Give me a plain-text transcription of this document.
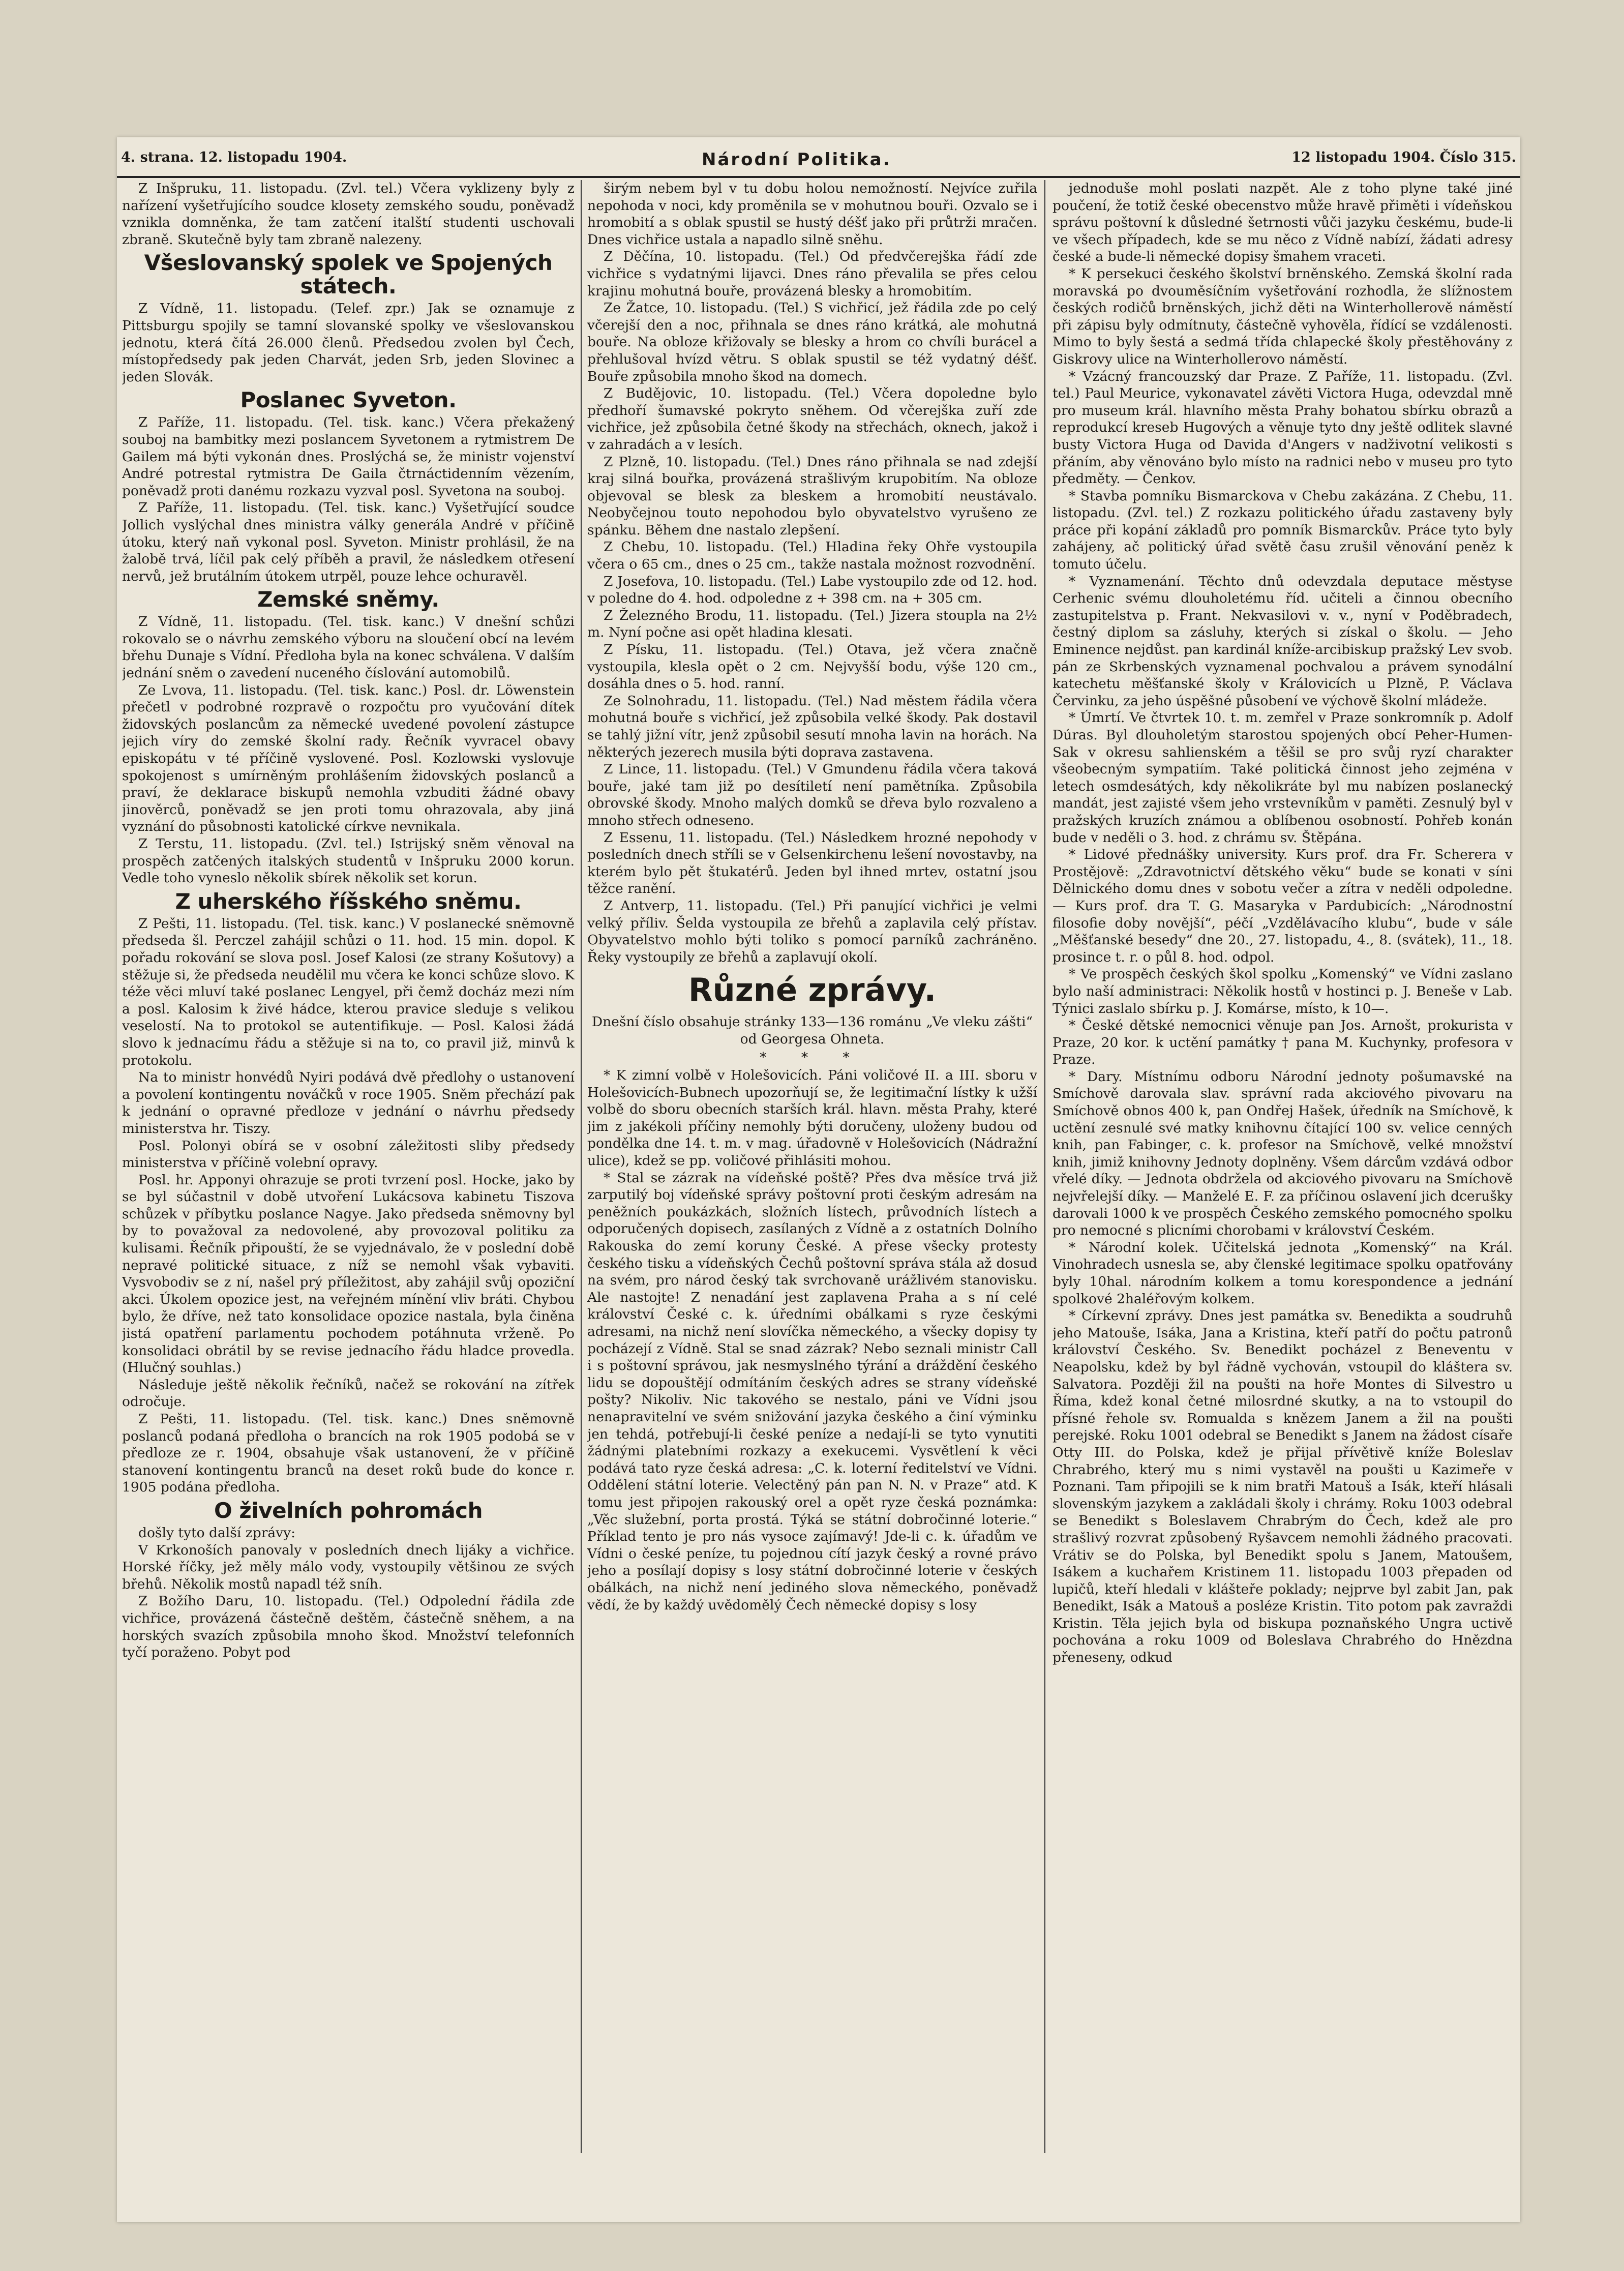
4. strana. 12. listopadu 1904.	Národní Politika.	12 listopadu 1904. Číslo 315.

Z Inšpruku, 11. listopadu. (Zvl. tel.) Včera vyklizeny byly z nařízení vyšetřujícího soudce klosety zemského soudu, poněvadž vznikla domněnka, že tam zatčení italští studenti uschovali zbraně. Skutečně byly tam zbraně nalezeny.

Všeslovanský spolek ve Spojených státech.

Z Vídně, 11. listopadu. (Telef. zpr.) Jak se oznamuje z Pittsburgu spojily se tamní slovanské spolky ve všeslovanskou jednotu, která čítá 26.000 členů. Předsedou zvolen byl Čech, místopředsedy pak jeden Charvát, jeden Srb, jeden Slovinec a jeden Slovák.

Poslanec Syveton.

Z Paříže, 11. listopadu. (Tel. tisk. kanc.) Včera překažený souboj na bambitky mezi poslancem Syvetonem a rytmistrem De Gailem má býti vykonán dnes. Proslýchá se, že ministr vojenství André potrestal rytmistra De Gaila čtrnáctidenním vězením, poněvadž proti danému rozkazu vyzval posl. Syvetona na souboj.

Z Paříže, 11. listopadu. (Tel. tisk. kanc.) Vyšetřující soudce Jollich vyslýchal dnes ministra války generála André v příčině útoku, který naň vykonal posl. Syveton. Ministr prohlásil, že na žalobě trvá, líčil pak celý příběh a pravil, že následkem otřesení nervů, jež brutálním útokem utrpěl, pouze lehce ochuravěl.

Zemské sněmy.

Z Vídně, 11. listopadu. (Tel. tisk. kanc.) V dnešní schůzi rokovalo se o návrhu zemského výboru na sloučení obcí na levém břehu Dunaje s Vídní. Předloha byla na konec schválena. V dalším jednání sněm o zavedení nuceného číslování automobilů.

Ze Lvova, 11. listopadu. (Tel. tisk. kanc.) Posl. dr. Löwenstein přečetl v podrobné rozpravě o rozpočtu pro vyučování dítek židovských poslancům za německé uvedené povolení zástupce jejich víry do zemské školní rady. Řečník vyvracel obavy episkopátu v té příčině vyslovené. Posl. Kozlowski vyslovuje spokojenost s umírněným prohlášením židovských poslanců a praví, že deklarace biskupů nemohla vzbuditi žádné obavy jinověrců, poněvadž se jen proti tomu ohrazovala, aby jiná vyznání do působnosti katolické církve nevnikala.

Z Terstu, 11. listopadu. (Zvl. tel.) Istrijský sněm věnoval na prospěch zatčených italských studentů v Inšpruku 2000 korun. Vedle toho vyneslo několik sbírek několik set korun.

Z uherského říšského sněmu.

Z Pešti, 11. listopadu. (Tel. tisk. kanc.) V poslanecké sněmovně předseda šl. Perczel zahájil schůzi o 11. hod. 15 min. dopol. K pořadu rokování se slova posl. Josef Kalosi (ze strany Košutovy) a stěžuje si, že předseda neudělil mu včera ke konci schůze slovo. K téže věci mluví také poslanec Lengyel, při čemž docház mezi ním a posl. Kalosim k živé hádce, kterou pravice sleduje s velikou veselostí. Na to protokol se autentifikuje. — Posl. Kalosi žádá slovo k jednacímu řádu a stěžuje si na to, co pravil již, minvů k protokolu.

Na to ministr honvédů Nyiri podává dvě předlohy o ustanovení a povolení kontingentu nováčků v roce 1905. Sněm přechází pak k jednání o opravné předloze v jednání o návrhu předsedy ministerstva hr. Tiszy.

Posl. Polonyi obírá se v osobní záležitosti sliby předsedy ministerstva v příčině volební opravy.

Posl. hr. Apponyi ohrazuje se proti tvrzení posl. Hocke, jako by se byl súčastnil v době utvoření Lukácsova kabinetu Tiszova schůzek v příbytku poslance Nagye. Jako předseda sněmovny byl by to považoval za nedovolené, aby provozoval politiku za kulisami. Řečník připouští, že se vyjednávalo, že v poslední době nepravé politické situace, z níž se nemohl však vybaviti. Vysvobodiv se z ní, našel prý příležitost, aby zahájil svůj opoziční akci. Úkolem opozice jest, na veřejném mínění vliv bráti. Chybou bylo, že dříve, než tato konsolidace opozice nastala, byla činěna jistá opatření parlamentu pochodem potáhnuta vrženě. Po konsolidaci obrátil by se revise jednacího řádu hladce provedla. (Hlučný souhlas.)

Následuje ještě několik řečníků, načež se rokování na zítřek odročuje.

Z Pešti, 11. listopadu. (Tel. tisk. kanc.) Dnes sněmovně poslanců podaná předloha o brancích na rok 1905 podobá se v předloze ze r. 1904, obsahuje však ustanovení, že v příčině stanovení kontingentu branců na deset roků bude do konce r. 1905 podána předloha.

O živelních pohromách

došly tyto další zprávy:

V Krkonoších panovaly v posledních dnech lijáky a vichřice. Horské říčky, jež měly málo vody, vystoupily většinou ze svých břehů. Několik mostů napadl též sníh.

Z Božího Daru, 10. listopadu. (Tel.) Odpolední řádila zde vichřice, provázená částečně deštěm, částečně sněhem, a na horských svazích způsobila mnoho škod. Množství telefonních tyčí poraženo. Pobyt pod

širým nebem byl v tu dobu holou nemožností. Nejvíce zuřila nepohoda v noci, kdy proměnila se v mohutnou bouři. Ozvalo se i hromobití a s oblak spustil se hustý déšť jako při průtrži mračen. Dnes vichřice ustala a napadlo silně sněhu.

Z Děčína, 10. listopadu. (Tel.) Od předvčerejška řádí zde vichřice s vydatnými lijavci. Dnes ráno převalila se přes celou krajinu mohutná bouře, provázená blesky a hromobitím.

Ze Žatce, 10. listopadu. (Tel.) S vichřicí, jež řádila zde po celý včerejší den a noc, přihnala se dnes ráno krátká, ale mohutná bouře. Na obloze křižovaly se blesky a hrom co chvíli burácel a přehlušoval hvízd větru. S oblak spustil se též vydatný déšť. Bouře způsobila mnoho škod na domech.

Z Budějovic, 10. listopadu. (Tel.) Včera dopoledne bylo předhoří šumavské pokryto sněhem. Od včerejška zuří zde vichřice, jež způsobila četné škody na střechách, oknech, jakož i v zahradách a v lesích.

Z Plzně, 10. listopadu. (Tel.) Dnes ráno přihnala se nad zdejší kraj silná bouřka, provázená strašlivým krupobitím. Na obloze objevoval se blesk za bleskem a hromobití neustávalo. Neobyčejnou touto nepohodou bylo obyvatelstvo vyrušeno ze spánku. Během dne nastalo zlepšení.

Z Chebu, 10. listopadu. (Tel.) Hladina řeky Ohře vystoupila včera o 65 cm., dnes o 25 cm., takže nastala možnost rozvodnění.

Z Josefova, 10. listopadu. (Tel.) Labe vystoupilo zde od 12. hod. v poledne do 4. hod. odpoledne z + 398 cm. na + 305 cm.

Z Železného Brodu, 11. listopadu. (Tel.) Jizera stoupla na 2½ m. Nyní počne asi opět hladina klesati.

Z Písku, 11. listopadu. (Tel.) Otava, jež včera značně vystoupila, klesla opět o 2 cm. Nejvyšší bodu, výše 120 cm., dosáhla dnes o 5. hod. ranní.

Ze Solnohradu, 11. listopadu. (Tel.) Nad městem řádila včera mohutná bouře s vichřicí, jež způsobila velké škody. Pak dostavil se tahlý jižní vítr, jenž způsobil sesutí mnoha lavin na horách. Na některých jezerech musila býti doprava zastavena.

Z Lince, 11. listopadu. (Tel.) V Gmundenu řádila včera taková bouře, jaké tam již po desítiletí není pamětníka. Způsobila obrovské škody. Mnoho malých domků se dřeva bylo rozvaleno a mnoho střech odneseno.

Z Essenu, 11. listopadu. (Tel.) Následkem hrozné nepohody v posledních dnech stříli se v Gelsenkirchenu lešení novostavby, na kterém bylo pět štukatérů. Jeden byl ihned mrtev, ostatní jsou těžce ranění.

Z Antverp, 11. listopadu. (Tel.) Při panující vichřici je velmi velký příliv. Šelda vystoupila ze břehů a zaplavila celý přístav. Obyvatelstvo mohlo býti toliko s pomocí parníků zachráněno. Řeky vystoupily ze břehů a zaplavují okolí.

Různé zprávy.

Dnešní číslo obsahuje stránky 133—136 románu „Ve vleku zášti“ od Georgesa Ohneta.

* * *

* K zimní volbě v Holešovicích. Páni voličové II. a III. sboru v Holešovicích-Bubnech upozorňují se, že legitimační lístky k užší volbě do sboru obecních starších král. hlavn. města Prahy, které jim z jakékoli příčiny nemohly býti doručeny, uloženy budou od pondělka dne 14. t. m. v mag. úřadovně v Holešovicích (Nádražní ulice), kdež se pp. voličové přihlásiti mohou.

* Stal se zázrak na vídeňské poště? Přes dva měsíce trvá již zarputilý boj vídeňské správy poštovní proti českým adresám na peněžních poukázkách, složních lístech, průvodních lístech a odporučených dopisech, zasílaných z Vídně a z ostatních Dolního Rakouska do zemí koruny České. A přese všecky protesty českého tisku a vídeňských Čechů poštovní správa stála až dosud na svém, pro národ český tak svrchovaně urážlivém stanovisku. Ale nastojte! Z nenadání jest zaplavena Praha a s ní celé království České c. k. úředními obálkami s ryze českými adresami, na nichž není slovíčka německého, a všecky dopisy ty pocházejí z Vídně. Stal se snad zázrak? Nebo seznali ministr Call i s poštovní správou, jak nesmyslného týrání a dráždění českého lidu se dopouštějí odmítáním českých adres se strany vídeňské pošty? Nikoliv. Nic takového se nestalo, páni ve Vídni jsou nenapravitelní ve svém snižování jazyka českého a činí výminku jen tehdá, potřebují-li české peníze a nedají-li se tyto vynutiti žádnými platebními rozkazy a exekucemi. Vysvětlení k věci podává tato ryze česká adresa: „C. k. loterní ředitelství ve Vídni. Oddělení státní loterie. Velectěný pán pan N. N. v Praze“ atd. K tomu jest připojen rakouský orel a opět ryze česká poznámka: „Věc služební, porta prostá. Týká se státní dobročinné loterie.“ Příklad tento je pro nás vysoce zajímavý! Jde-li c. k. úřadům ve Vídni o české peníze, tu pojednou cítí jazyk český a rovné právo jeho a posílají dopisy s losy státní dobročinné loterie v českých obálkách, na nichž není jediného slova německého, poněvadž vědí, že by každý uvědomělý Čech německé dopisy s losy

jednoduše mohl poslati nazpět. Ale z toho plyne také jiné poučení, že totiž české obecenstvo může hravě přiměti i vídeňskou správu poštovní k důsledné šetrnosti vůči jazyku českému, bude-li ve všech případech, kde se mu něco z Vídně nabízí, žádati adresy české a bude-li německé dopisy šmahem vraceti.

* K persekuci českého školství brněnského. Zemská školní rada moravská po dvouměsíčním vyšetřování rozhodla, že slížnostem českých rodičů brněnských, jichž děti na Winterhollerově náměstí při zápisu byly odmítnuty, částečně vyhověla, řídící se vzdálenosti. Mimo to byly šestá a sedmá třída chlapecké školy přestěhovány z Giskrovy ulice na Winterhollerovo náměstí.

* Vzácný francouzský dar Praze. Z Paříže, 11. listopadu. (Zvl. tel.) Paul Meurice, vykonavatel závěti Victora Huga, odevzdal mně pro museum král. hlavního města Prahy bohatou sbírku obrazů a reprodukcí kreseb Hugových a věnuje tyto dny ještě odlitek slavné busty Victora Huga od Davida d'Angers v nadživotní velikosti s přáním, aby věnováno bylo místo na radnici nebo v museu pro tyto předměty. — Čenkov.

* Stavba pomníku Bismarckova v Chebu zakázána. Z Chebu, 11. listopadu. (Zvl. tel.) Z rozkazu politického úřadu zastaveny byly práce při kopání základů pro pomník Bismarckův. Práce tyto byly zahájeny, ač politický úřad světě času zrušil věnování peněz k tomuto účelu.

* Vyznamenání. Těchto dnů odevzdala deputace městyse Cerhenic svému dlouholetému říd. učiteli a činnou obecního zastupitelstva p. Frant. Nekvasilovi v. v., nyní v Poděbradech, čestný diplom sa zásluhy, kterých si získal o školu. — Jeho Eminence nejdůst. pan kardinál kníže-arcibiskup pražský Lev svob. pán ze Skrbenských vyznamenal pochvalou a právem synodální katechetu měšťanské školy v Královicích u Plzně, P. Václava Červinku, za jeho úspěšné působení ve výchově školní mládeže.

* Úmrtí. Ve čtvrtek 10. t. m. zemřel v Praze sonkromník p. Adolf Dúras. Byl dlouholetým starostou spojených obcí Peher-Humen-Sak v okresu sahlienském a těšil se pro svůj ryzí charakter všeobecným sympatiím. Také politická činnost jeho zejména v letech osmdesátých, kdy několikráte byl mu nabízen poslanecký mandát, jest zajisté všem jeho vrstevníkům v paměti. Zesnulý byl v pražských kruzích známou a oblíbenou osobností. Pohřeb konán bude v neděli o 3. hod. z chrámu sv. Štěpána.

* Lidové přednášky university. Kurs prof. dra Fr. Scherera v Prostějově: „Zdravotnictví dětského věku“ bude se konati v síni Dělnického domu dnes v sobotu večer a zítra v neděli odpoledne. — Kurs prof. dra T. G. Masaryka v Pardubicích: „Národnostní filosofie doby novější“, péčí „Vzdělávacího klubu“, bude v sále „Měšťanské besedy“ dne 20., 27. listopadu, 4., 8. (svátek), 11., 18. prosince t. r. o půl 8. hod. odpol.

* Ve prospěch českých škol spolku „Komenský“ ve Vídni zaslano bylo naší administraci: Několik hostů v hostinci p. J. Beneše v Lab. Týnici zaslalo sbírku p. J. Komárse, místo, k 10—.

* České dětské nemocnici věnuje pan Jos. Arnošt, prokurista v Praze, 20 kor. k uctění památky † pana M. Kuchynky, profesora v Praze.

* Dary. Místnímu odboru Národní jednoty pošumavské na Smíchově darovala slav. správní rada akciového pivovaru na Smíchově obnos 400 k, pan Ondřej Hašek, úředník na Smíchově, k uctění zesnulé své matky knihovnu čítající 100 sv. velice cenných knih, pan Fabinger, c. k. profesor na Smíchově, velké množství knih, jimiž knihovny Jednoty doplněny. Všem dárcům vzdává odbor vřelé díky. — Jednota obdržela od akciového pivovaru na Smíchově nejvřelejší díky. — Manželé E. F. za příčinou oslavení jich dcerušky darovali 1000 k ve prospěch Českého zemského pomocného spolku pro nemocné s plicními chorobami v království Českém.

* Národní kolek. Učitelská jednota „Komenský“ na Král. Vinohradech usnesla se, aby členské legitimace spolku opatřovány byly 10hal. národním kolkem a tomu korespondence a jednání spolkové 2haléřovým kolkem.

* Církevní zprávy. Dnes jest památka sv. Benedikta a soudruhů jeho Matouše, Isáka, Jana a Kristina, kteří patří do počtu patronů království Českého. Sv. Benedikt pocházel z Beneventu v Neapolsku, kdež by byl řádně vychován, vstoupil do kláštera sv. Salvatora. Později žil na poušti na hoře Montes di Silvestro u Říma, kdež konal četné milosrdné skutky, a na to vstoupil do přísné řehole sv. Romualda s knězem Janem a žil na poušti perejské. Roku 1001 odebral se Benedikt s Janem na žádost císaře Otty III. do Polska, kdež je přijal přívětivě kníže Boleslav Chrabrého, který mu s nimi vystavěl na poušti u Kazimeře v Poznani. Tam připojili se k nim bratři Matouš a Isák, kteří hlásali slovenským jazykem a zakládali školy i chrámy. Roku 1003 odebral se Benedikt s Boleslavem Chrabrým do Čech, kdež ale pro strašlivý rozvrat způsobený Ryšavcem nemohli žádného pracovati. Vrátiv se do Polska, byl Benedikt spolu s Janem, Matoušem, Isákem a kuchařem Kristinem 11. listopadu 1003 přepaden od lupičů, kteří hledali v klášteře poklady; nejprve byl zabit Jan, pak Benedikt, Isák a Matouš a posléze Kristin. Tito potom pak zavraždi Kristin. Těla jejich byla od biskupa poznaňského Ungra uctivě pochována a roku 1009 od Boleslava Chrabrého do Hnězdna přeneseny, odkud
